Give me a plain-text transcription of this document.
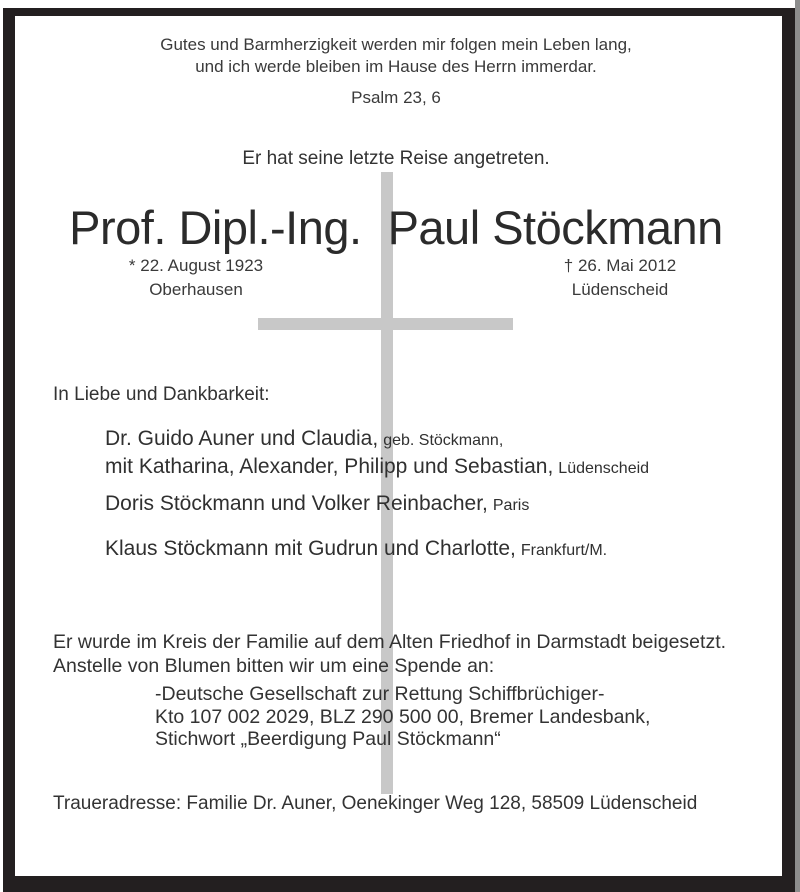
Gutes und Barmherzigkeit werden mir folgen mein Leben lang,
und ich werde bleiben im Hause des Herrn immerdar.
Psalm 23, 6
Er hat seine letzte Reise angetreten.
Prof. Dipl.-Ing. Paul Stöckmann
* 22. August 1923
Oberhausen
† 26. Mai 2012
Lüdenscheid
In Liebe und Dankbarkeit:
Dr. Guido Auner und Claudia, geb. Stöckmann,
mit Katharina, Alexander, Philipp und Sebastian, Lüdenscheid
Doris Stöckmann und Volker Reinbacher, Paris
Klaus Stöckmann mit Gudrun und Charlotte, Frankfurt/M.
Er wurde im Kreis der Familie auf dem Alten Friedhof in Darmstadt beigesetzt.
Anstelle von Blumen bitten wir um eine Spende an:
-Deutsche Gesellschaft zur Rettung Schiffbrüchiger-
Kto 107 002 2029, BLZ 290 500 00, Bremer Landesbank,
Stichwort „Beerdigung Paul Stöckmann“
Traueradresse: Familie Dr. Auner, Oenekinger Weg 128, 58509 Lüdenscheid
